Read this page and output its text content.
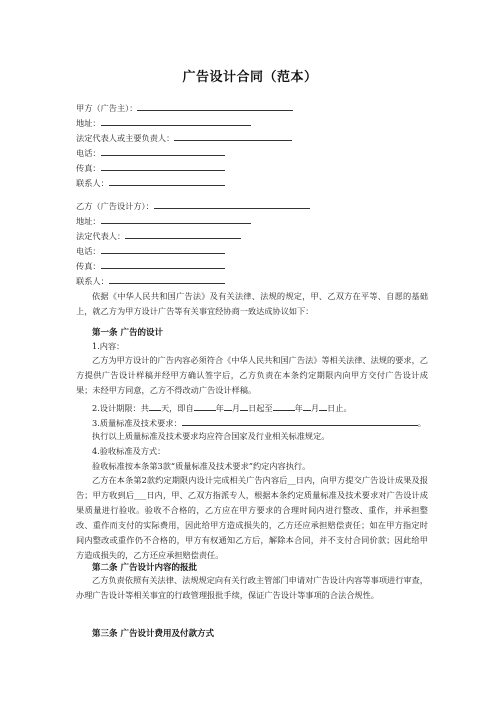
广告设计合同（范本）
甲方（广告主）：
地址：
法定代表人或主要负责人：
电话：
传真：
联系人：
乙方（广告设计方）：
地址：
法定代表人：
电话：
传真：
联系人：
依据《中华人民共和国广告法》及有关法律、法规的规定，甲、乙双方在平等、自愿的基础上，就乙方为甲方设计广告等有关事宜经协商一致达成协议如下：
第一条 广告的设计
1.内容：
乙方为甲方设计的广告内容必须符合《中华人民共和国广告法》等相关法律、法规的要求，乙方提供广告设计样稿并经甲方确认签字后，乙方负责在本条约定期限内向甲方交付广告设计成果；未经甲方同意，乙方不得改动广告设计样稿。
2.设计期限：共 天，即自	年 月 日起至	年 月 日止。
3.质量标准及技术要求：	。
执行以上质量标准及技术要求均应符合国家及行业相关标准规定。
4.验收标准及方式：
验收标准按本条第3款“质量标准及技术要求”约定内容执行。
乙方在本条第2款约定期限内设计完成相关广告内容后__日内，向甲方提交广告设计成果及报告；甲方收到后___日内，甲、乙双方指派专人，根据本条约定质量标准及技术要求对广告设计成果质量进行验收。验收不合格的，乙方应在甲方要求的合理时间内进行整改、重作，并承担整改、重作而支付的实际费用，因此给甲方造成损失的，乙方还应承担赔偿责任；如在甲方指定时间内整改或重作仍不合格的，甲方有权通知乙方后，解除本合同，并不支付合同价款；因此给甲方造成损失的，乙方还应承担赔偿责任。
第二条 广告设计内容的报批
乙方负责依照有关法律、法规规定向有关行政主管部门申请对广告设计内容等事项进行审查，办理广告设计等相关事宜的行政管理报批手续，保证广告设计等事项的合法合规性。
第三条 广告设计费用及付款方式
